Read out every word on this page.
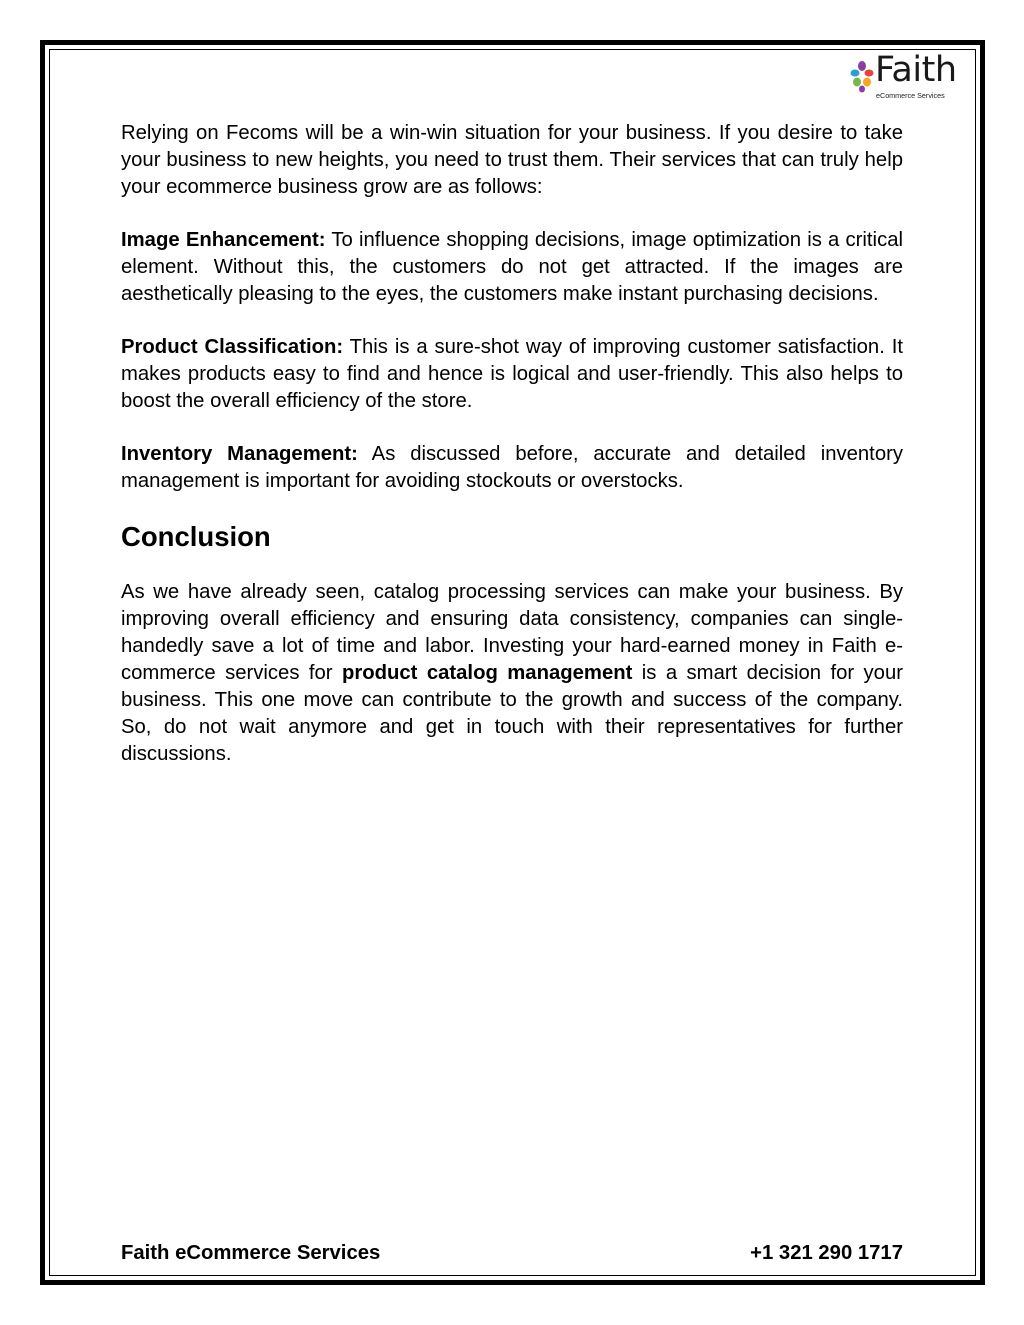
Faith
eCommerce Services

Relying on Fecoms will be a win-win situation for your business. If you desire to take your business to new heights, you need to trust them. Their services that can truly help your ecommerce business grow are as follows:

Image Enhancement: To influence shopping decisions, image optimization is a critical element. Without this, the customers do not get attracted. If the images are aesthetically pleasing to the eyes, the customers make instant purchasing decisions.

Product Classification: This is a sure-shot way of improving customer satisfaction. It makes products easy to find and hence is logical and user-friendly. This also helps to boost the overall efficiency of the store.

Inventory Management: As discussed before, accurate and detailed inventory management is important for avoiding stockouts or overstocks.

Conclusion

As we have already seen, catalog processing services can make your business. By improving overall efficiency and ensuring data consistency, companies can single-handedly save a lot of time and labor. Investing your hard-earned money in Faith e-commerce services for product catalog management is a smart decision for your business. This one move can contribute to the growth and success of the company. So, do not wait anymore and get in touch with their representatives for further discussions.

Faith eCommerce Services	+1 321 290 1717
